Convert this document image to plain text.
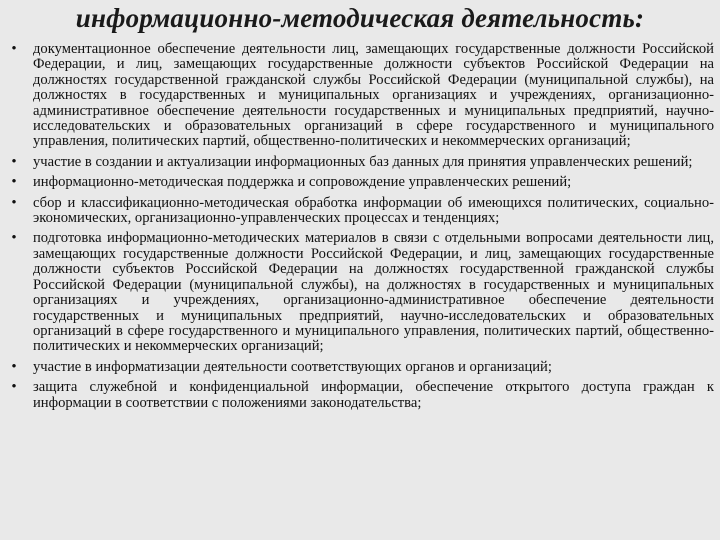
информационно-методическая деятельность:
• документационное обеспечение деятельности лиц, замещающих государственные должности Российской Федерации, и лиц, замещающих государственные должности субъектов Российской Федерации на должностях государственной гражданской службы Российской Федерации (муниципальной службы), на должностях в государственных и муниципальных организациях и учреждениях, организационно-административное обеспечение деятельности государственных и муниципальных предприятий, научно-исследовательских и образовательных организаций в сфере государственного и муниципального управления, политических партий, общественно-политических и некоммерческих организаций;
• участие в создании и актуализации информационных баз данных для принятия управленческих решений;
• информационно-методическая поддержка и сопровождение управленческих решений;
• сбор и классификационно-методическая обработка информации об имеющихся политических, социально-экономических, организационно-управленческих процессах и тенденциях;
• подготовка информационно-методических материалов в связи с отдельными вопросами деятельности лиц, замещающих государственные должности Российской Федерации, и лиц, замещающих государственные должности субъектов Российской Федерации на должностях государственной гражданской службы Российской Федерации (муниципальной службы), на должностях в государственных и муниципальных организациях и учреждениях, организационно-административное обеспечение деятельности государственных и муниципальных предприятий, научно-исследовательских и образовательных организаций в сфере государственного и муниципального управления, политических партий, общественно-политических и некоммерческих организаций;
• участие в информатизации деятельности соответствующих органов и организаций;
• защита служебной и конфиденциальной информации, обеспечение открытого доступа граждан к информации в соответствии с положениями законодательства;
